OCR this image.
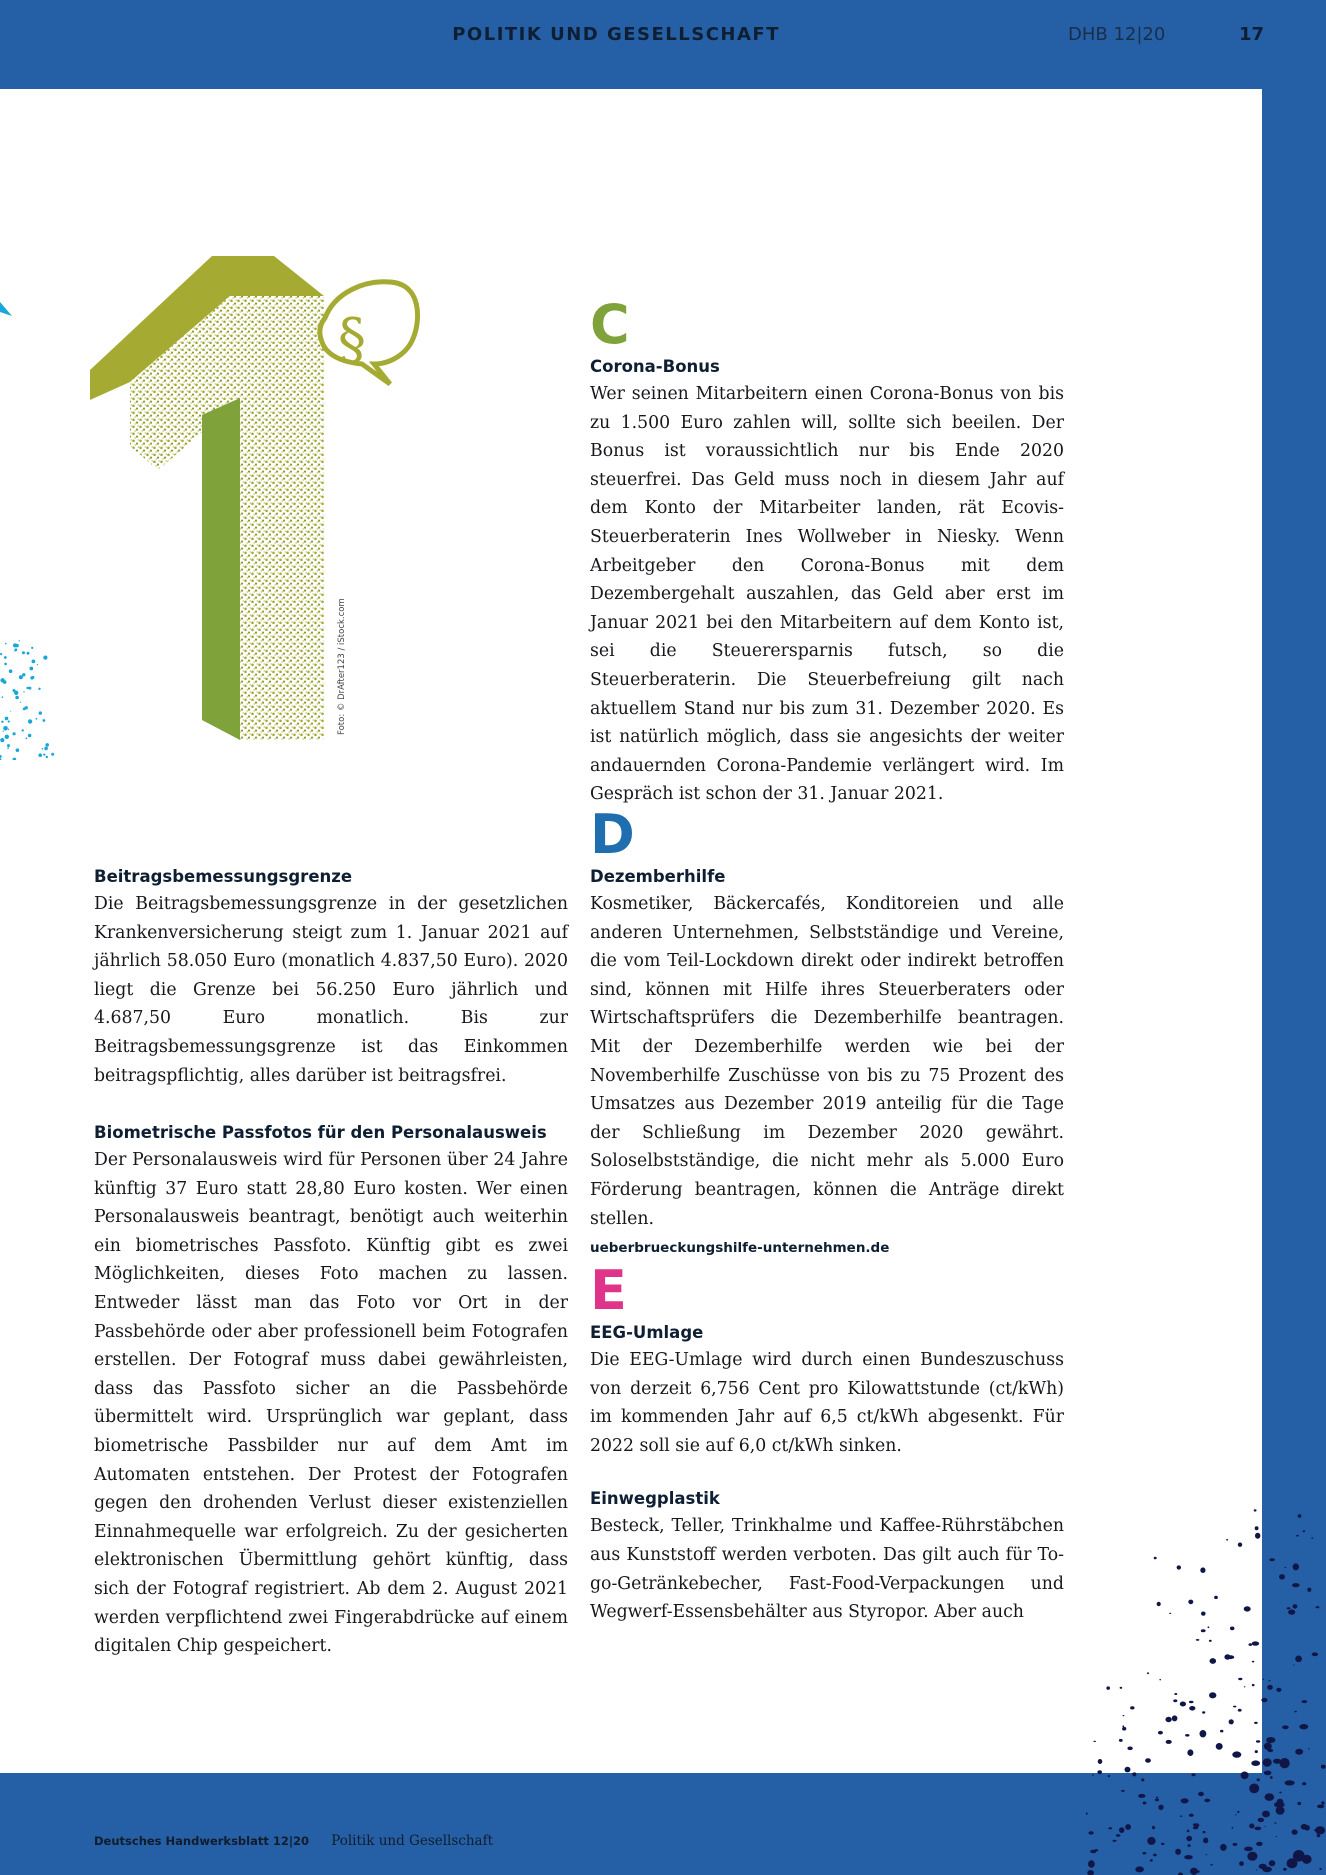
POLITIK UND GESELLSCHAFT	DHB 12|20	17
§
Foto: © DrAfter123 / iStock.com
Beitragsbemessungsgrenze

Die Beitragsbemessungsgrenze in der gesetzlichen Krankenversicherung steigt zum 1. Januar 2021 auf jährlich 58.050 Euro (monatlich 4.837,50 Euro). 2020 liegt die Grenze bei 56.250 Euro jährlich und 4.687,50 Euro monatlich. Bis zur Beitragsbemessungsgrenze ist das Einkommen beitragspflichtig, alles darüber ist beitragsfrei.

Biometrische Passfotos für den Personalausweis

Der Personalausweis wird für Personen über 24 Jahre künftig 37 Euro statt 28,80 Euro kosten. Wer einen Personalausweis beantragt, benötigt auch weiterhin ein biometrisches Passfoto. Künftig gibt es zwei Möglichkeiten, dieses Foto machen zu lassen. Entweder lässt man das Foto vor Ort in der Passbehörde oder aber professionell beim Fotografen erstellen. Der Fotograf muss dabei gewährleisten, dass das Passfoto sicher an die Passbehörde übermittelt wird. Ursprünglich war geplant, dass biometrische Passbilder nur auf dem Amt im Automaten entstehen. Der Protest der Fotografen gegen den drohenden Verlust dieser existenziellen Einnahmequelle war erfolgreich. Zu der gesicherten elektronischen Übermittlung gehört künftig, dass sich der Fotograf registriert. Ab dem 2. August 2021 werden verpflichtend zwei Fingerabdrücke auf einem digitalen Chip gespeichert.

C
Corona-Bonus

Wer seinen Mitarbeitern einen Corona-Bonus von bis zu 1.500 Euro zahlen will, sollte sich beeilen. Der Bonus ist voraussichtlich nur bis Ende 2020 steuerfrei. Das Geld muss noch in diesem Jahr auf dem Konto der Mitarbeiter landen, rät Ecovis-Steuerberaterin Ines Wollweber in Niesky. Wenn Arbeitgeber den Corona-Bonus mit dem Dezembergehalt auszahlen, das Geld aber erst im Januar 2021 bei den Mitarbeitern auf dem Konto ist, sei die Steuerersparnis futsch, so die Steuerberaterin. Die Steuerbefreiung gilt nach aktuellem Stand nur bis zum 31. Dezember 2020. Es ist natürlich möglich, dass sie angesichts der weiter andauernden Corona-Pandemie verlängert wird. Im Gespräch ist schon der 31. Januar 2021.

D
Dezemberhilfe

Kosmetiker, Bäckercafés, Konditoreien und alle anderen Unternehmen, Selbstständige und Vereine, die vom Teil-Lockdown direkt oder indirekt betroffen sind, können mit Hilfe ihres Steuerberaters oder Wirtschaftsprüfers die Dezemberhilfe beantragen. Mit der Dezemberhilfe werden wie bei der Novemberhilfe Zuschüsse von bis zu 75 Prozent des Umsatzes aus Dezember 2019 anteilig für die Tage der Schließung im Dezember 2020 gewährt. Soloselbstständige, die nicht mehr als 5.000 Euro Förderung beantragen, können die Anträge direkt stellen.

ueberbrueckungshilfe-unternehmen.de
E
EEG-Umlage

Die EEG-Umlage wird durch einen Bundeszuschuss von derzeit 6,756 Cent pro Kilowattstunde (ct/kWh) im kommenden Jahr auf 6,5 ct/kWh abgesenkt. Für 2022 soll sie auf 6,0 ct/kWh sinken.

Einwegplastik

Besteck, Teller, Trinkhalme und Kaffee-Rührstäbchen aus Kunststoff werden verboten. Das gilt auch für To-go-Getränkebecher, Fast-Food-Verpackungen und Wegwerf-Essensbehälter aus Styropor. Aber auch

Deutsches Handwerksblatt 12|20 Politik und Gesellschaft
